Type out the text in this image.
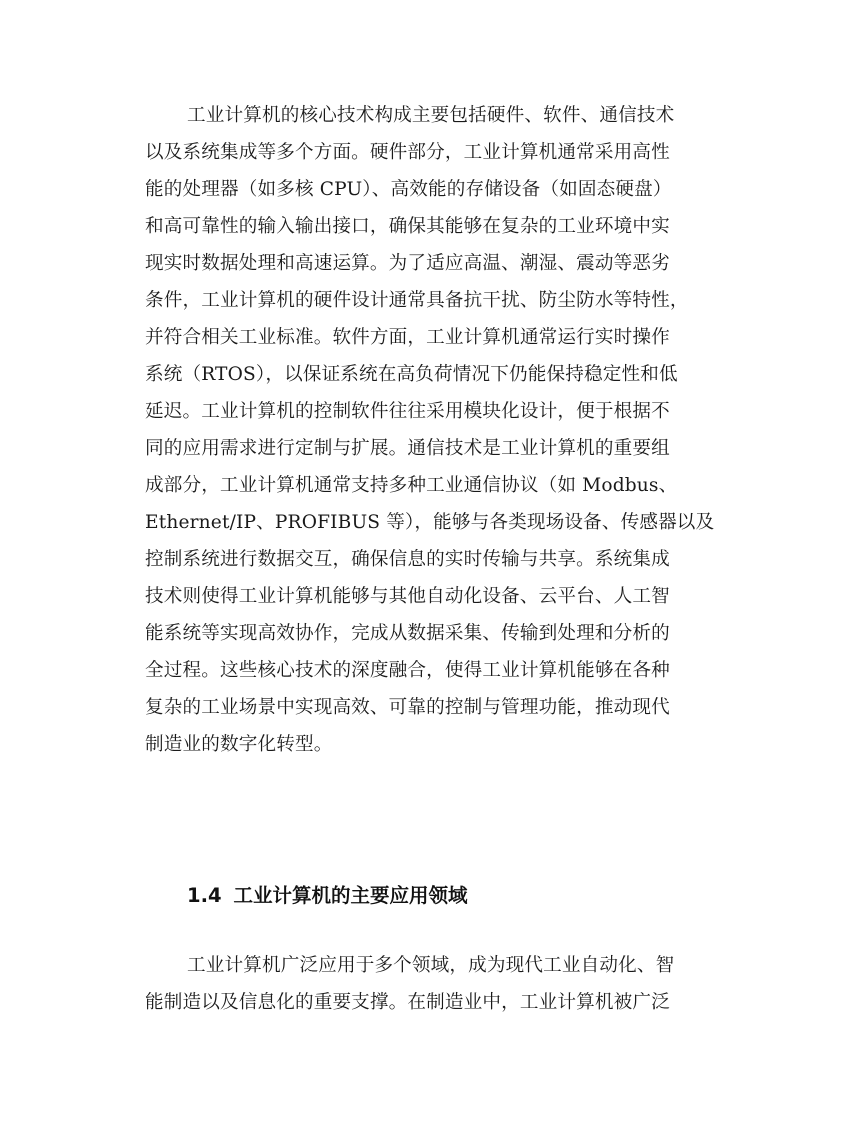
工业计算机的核心技术构成主要包括硬件、软件、通信技术
以及系统集成等多个方面。硬件部分，工业计算机通常采用高性
能的处理器（如多核 CPU）、高效能的存储设备（如固态硬盘）
和高可靠性的输入输出接口，确保其能够在复杂的工业环境中实
现实时数据处理和高速运算。为了适应高温、潮湿、震动等恶劣
条件，工业计算机的硬件设计通常具备抗干扰、防尘防水等特性，
并符合相关工业标准。软件方面，工业计算机通常运行实时操作
系统（RTOS），以保证系统在高负荷情况下仍能保持稳定性和低
延迟。工业计算机的控制软件往往采用模块化设计，便于根据不
同的应用需求进行定制与扩展。通信技术是工业计算机的重要组
成部分，工业计算机通常支持多种工业通信协议（如 Modbus、
Ethernet/IP、PROFIBUS 等），能够与各类现场设备、传感器以及
控制系统进行数据交互，确保信息的实时传输与共享。系统集成
技术则使得工业计算机能够与其他自动化设备、云平台、人工智
能系统等实现高效协作，完成从数据采集、传输到处理和分析的
全过程。这些核心技术的深度融合，使得工业计算机能够在各种
复杂的工业场景中实现高效、可靠的控制与管理功能，推动现代
制造业的数字化转型。
1.4 工业计算机的主要应用领域
工业计算机广泛应用于多个领域，成为现代工业自动化、智
能制造以及信息化的重要支撑。在制造业中，工业计算机被广泛
